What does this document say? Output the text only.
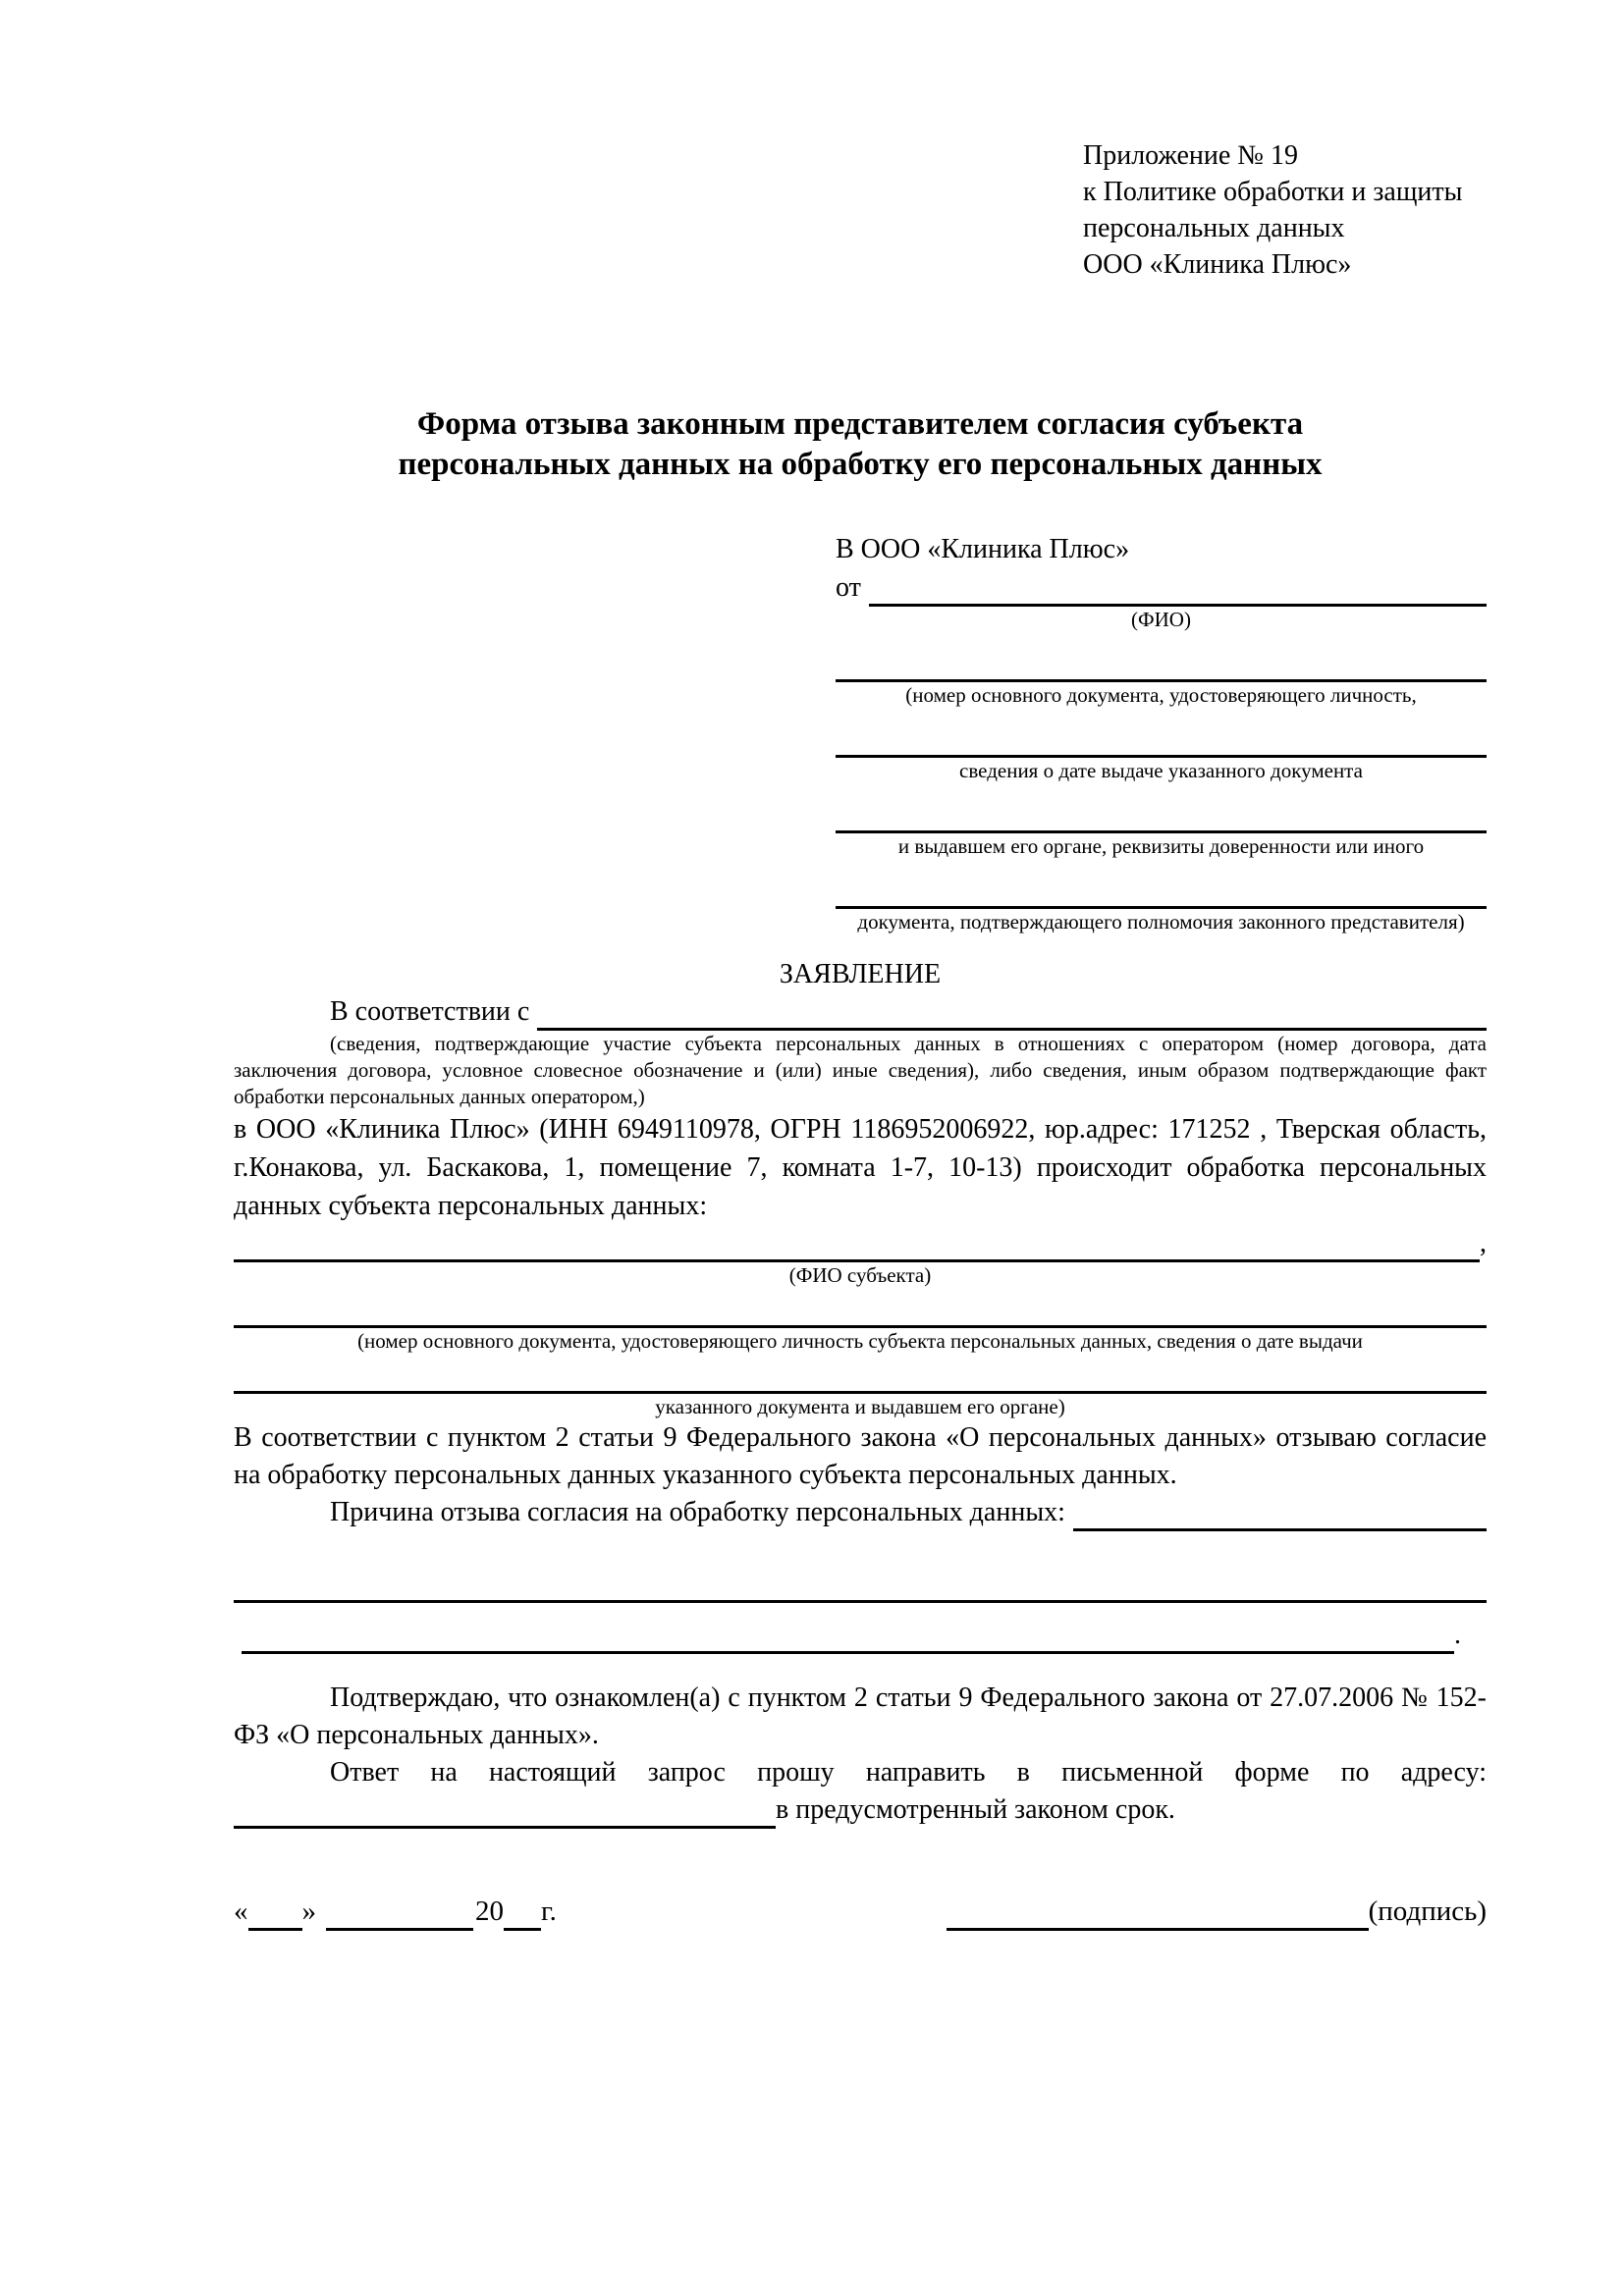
Приложение № 19
к Политике обработки и защиты
персональных данных
ООО «Клиника Плюс»
Форма отзыва законным представителем согласия субъекта
персональных данных на обработку его персональных данных
В ООО «Клиника Плюс»
от
(ФИО)
(номер основного документа, удостоверяющего личность,
сведения о дате выдаче указанного документа
и выдавшем его органе, реквизиты доверенности или иного
документа, подтверждающего полномочия законного представителя)
ЗАЯВЛЕНИЕ
В соответствии с
(сведения, подтверждающие участие субъекта персональных данных в отношениях с оператором (номер договора, дата заключения договора, условное словесное обозначение и (или) иные сведения), либо сведения, иным образом подтверждающие факт обработки персональных данных оператором,)
в ООО «Клиника Плюс» (ИНН 6949110978, ОГРН 1186952006922, юр.адрес: 171252 , Тверская область, г.Конакова, ул. Баскакова, 1, помещение 7, комната 1-7, 10-13) происходит обработка персональных данных субъекта персональных данных:
,
(ФИО субъекта)
(номер основного документа, удостоверяющего личность субъекта персональных данных, сведения о дате выдачи
указанного документа и выдавшем его органе)
В соответствии с пунктом 2 статьи 9 Федерального закона «О персональных данных» отзываю согласие на обработку персональных данных указанного субъекта персональных данных.
Причина отзыва согласия на обработку персональных данных:
.
Подтверждаю, что ознакомлен(а) с пунктом 2 статьи 9 Федерального закона от 27.07.2006 № 152-ФЗ «О персональных данных».
Ответ на настоящий запрос прошу направить в письменной форме по адресу:
в предусмотренный законом срок.
« »	20 г.	(подпись)
